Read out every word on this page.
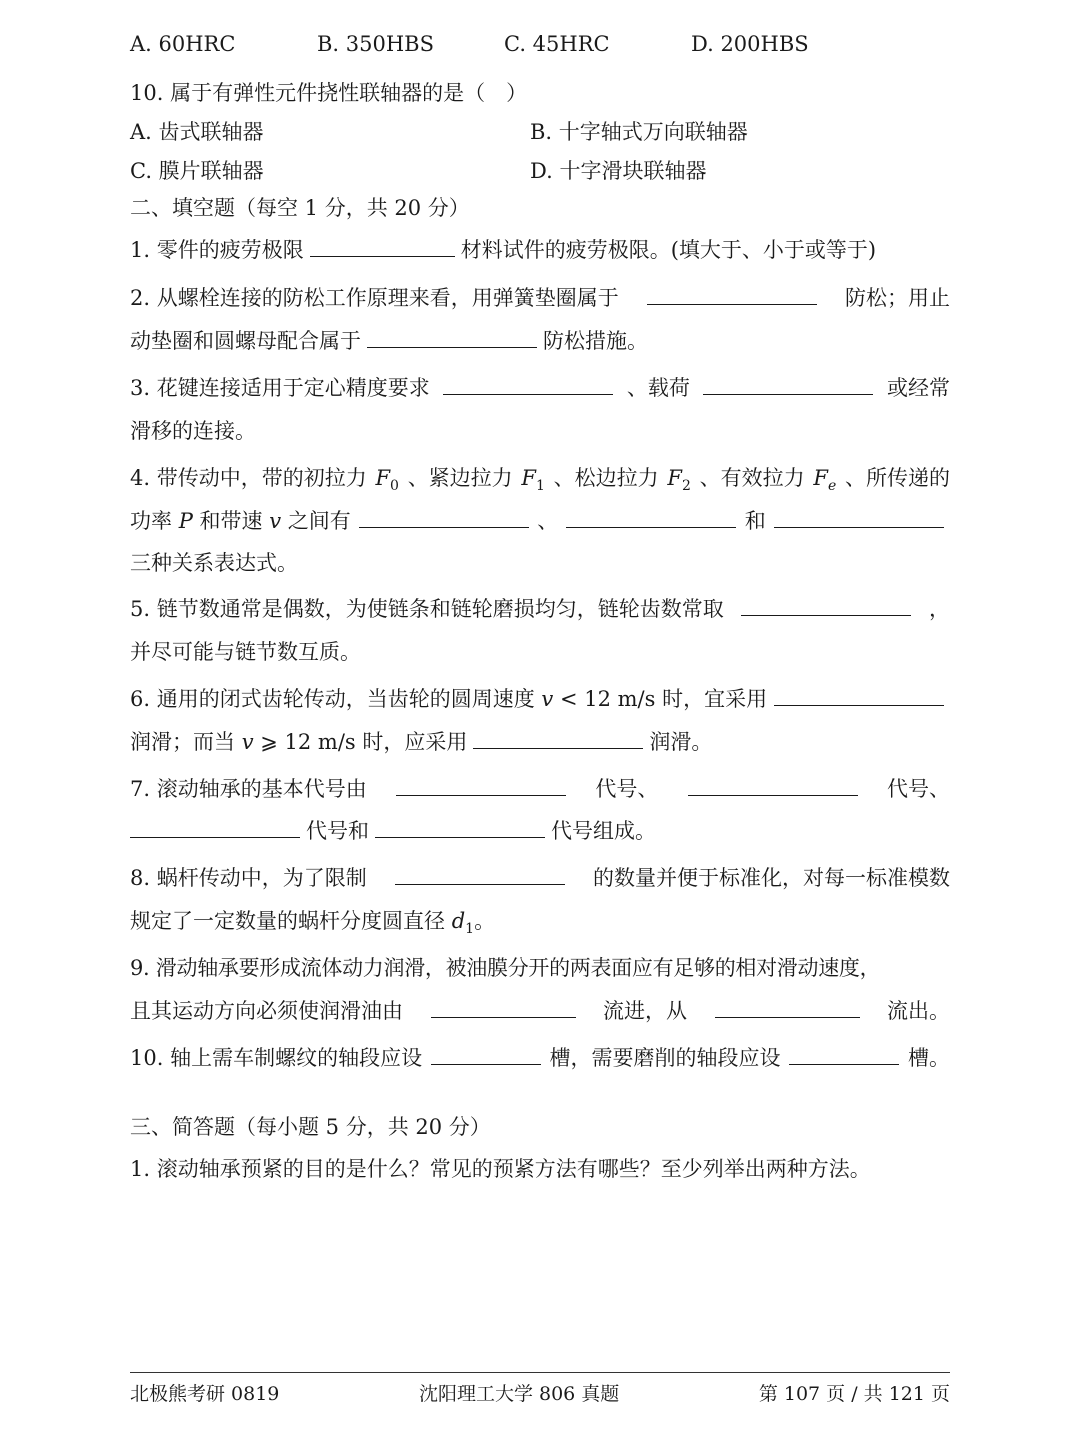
A. 60HRC	B. 350HBS	C. 45HRC	D. 200HBS
10. 属于有弹性元件挠性联轴器的是（　）
A. 齿式联轴器	B. 十字轴式万向联轴器
C. 膜片联轴器	D. 十字滑块联轴器
二、填空题（每空 1 分，共 20 分）
1. 零件的疲劳极限	材料试件的疲劳极限。(填大于、小于或等于)
2. 从螺栓连接的防松工作原理来看，用弹簧垫圈属于	防松；用止
动垫圈和圆螺母配合属于	防松措施。
3. 花键连接适用于定心精度要求	、载荷	或经常
滑移的连接。
4. 带传动中，带的初拉力 $F_0$ 、紧边拉力 $F_1$ 、松边拉力 $F_2$ 、有效拉力 $F_e$ 、所传递的
功率 P 和带速 v 之间有	、	和
三种关系表达式。
5. 链节数通常是偶数，为使链条和链轮磨损均匀，链轮齿数常取	，
并尽可能与链节数互质。
6. 通用的闭式齿轮传动，当齿轮的圆周速度 v < 12 m/s 时，宜采用
润滑；而当 v ⩾ 12 m/s 时，应采用	润滑。
7. 滚动轴承的基本代号由	代号、	代号、
代号和	代号组成。
8. 蜗杆传动中，为了限制	的数量并便于标准化，对每一标准模数
规定了一定数量的蜗杆分度圆直径 $d_1$。
9. 滑动轴承要形成流体动力润滑，被油膜分开的两表面应有足够的相对滑动速度，
且其运动方向必须使润滑油由	流进，从	流出。
10. 轴上需车制螺纹的轴段应设	槽，需要磨削的轴段应设	槽。
三、简答题（每小题 5 分，共 20 分）
1. 滚动轴承预紧的目的是什么？常见的预紧方法有哪些？至少列举出两种方法。
北极熊考研 0819	沈阳理工大学 806 真题	第 107 页 / 共 121 页
